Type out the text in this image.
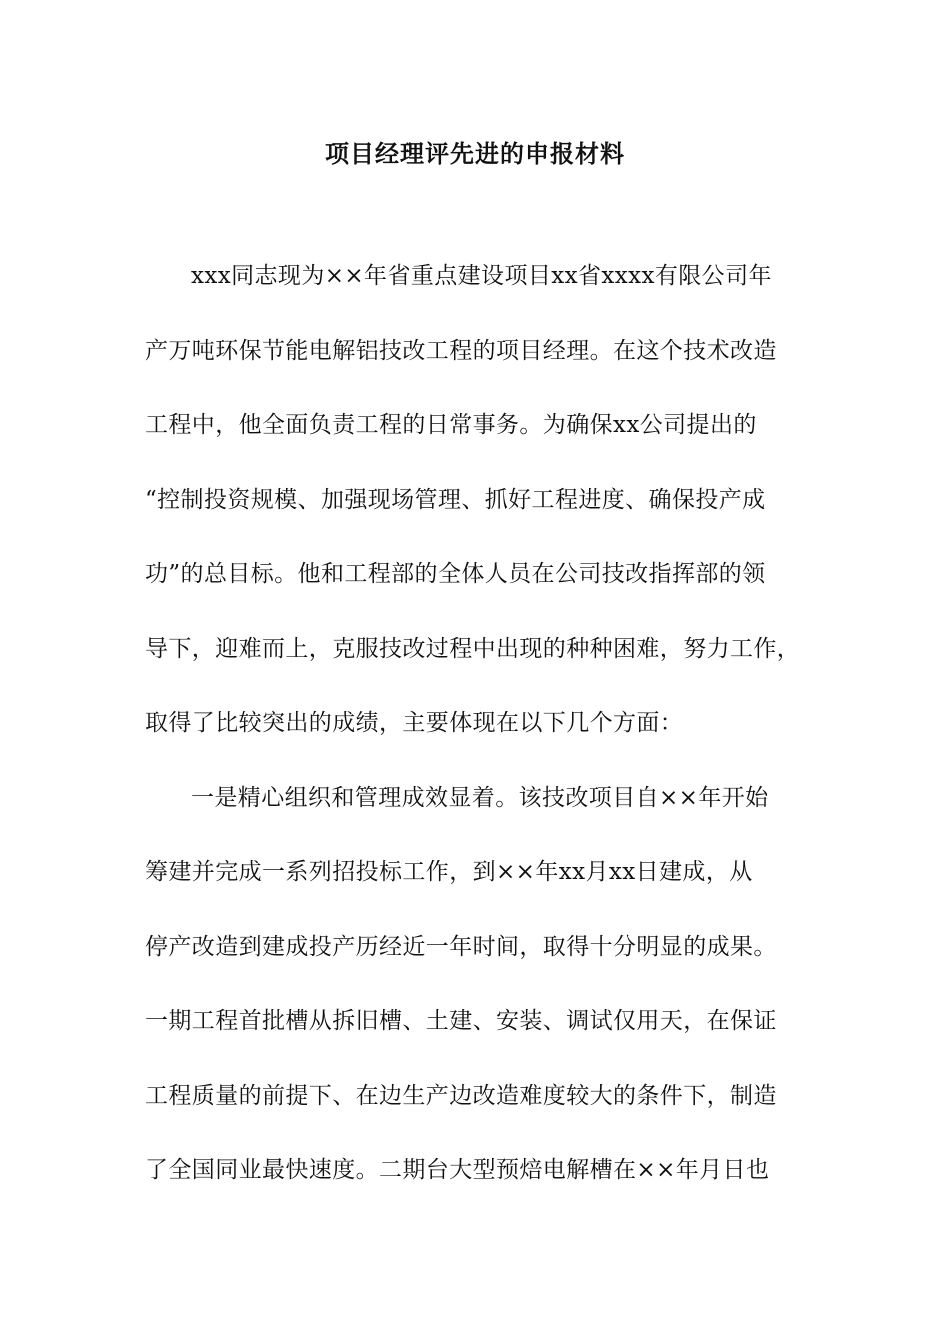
项目经理评先进的申报材料
xxx同志现为××年省重点建设项目xx省xxxx有限公司年
产万吨环保节能电解铝技改工程的项目经理。在这个技术改造
工程中，他全面负责工程的日常事务。为确保xx公司提出的
“控制投资规模、加强现场管理、抓好工程进度、确保投产成
功”的总目标。他和工程部的全体人员在公司技改指挥部的领
导下，迎难而上，克服技改过程中出现的种种困难，努力工作，
取得了比较突出的成绩，主要体现在以下几个方面：
一是精心组织和管理成效显着。该技改项目自××年开始
筹建并完成一系列招投标工作，到××年xx月xx日建成，从
停产改造到建成投产历经近一年时间，取得十分明显的成果。
一期工程首批槽从拆旧槽、土建、安装、调试仅用天，在保证
工程质量的前提下、在边生产边改造难度较大的条件下，制造
了全国同业最快速度。二期台大型预焙电解槽在××年月日也
